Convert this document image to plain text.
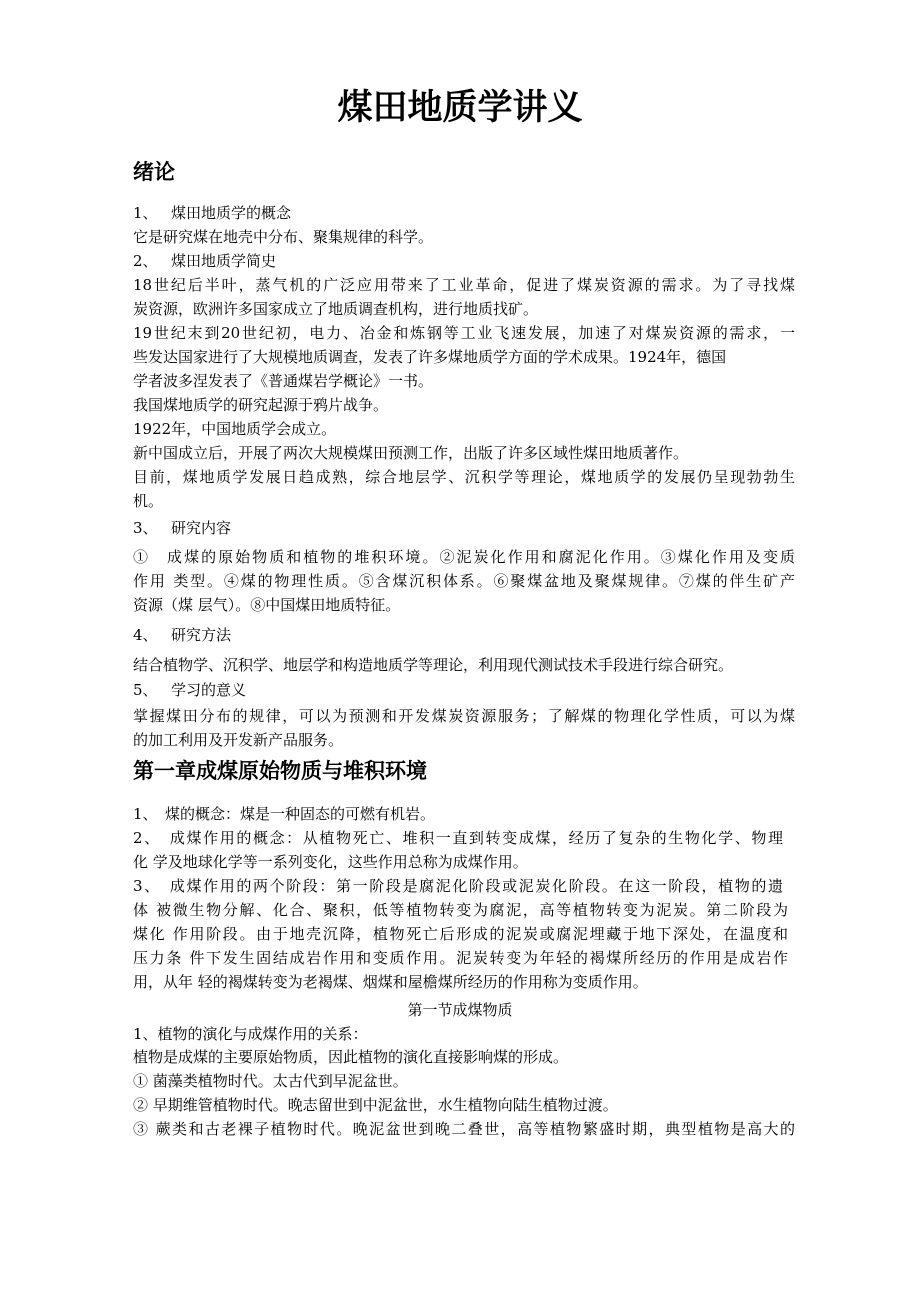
煤田地质学讲义
绪论
1、 煤田地质学的概念
它是研究煤在地壳中分布、聚集规律的科学。
2、 煤田地质学简史
18世纪后半叶，蒸气机的广泛应用带来了工业革命，促进了煤炭资源的需求。为了寻找煤
炭资源，欧洲许多国家成立了地质调查机构，进行地质找矿。
19世纪末到20世纪初，电力、冶金和炼钢等工业飞速发展，加速了对煤炭资源的需求，一
些发达国家进行了大规模地质调查，发表了许多煤地质学方面的学术成果。1924年，德国
学者波多涅发表了《普通煤岩学概论》一书。
我国煤地质学的研究起源于鸦片战争。
1922年，中国地质学会成立。
新中国成立后，开展了两次大规模煤田预测工作，出版了许多区域性煤田地质著作。
目前，煤地质学发展日趋成熟，综合地层学、沉积学等理论，煤地质学的发展仍呈现勃勃生
机。
3、 研究内容
①　成煤的原始物质和植物的堆积环境。②泥炭化作用和腐泥化作用。③煤化作用及变质
作用 类型。④煤的物理性质。⑤含煤沉积体系。⑥聚煤盆地及聚煤规律。⑦煤的伴生矿产
资源（煤 层气）。⑧中国煤田地质特征。
4、 研究方法
结合植物学、沉积学、地层学和构造地质学等理论，利用现代测试技术手段进行综合研究。
5、 学习的意义
掌握煤田分布的规律，可以为预测和开发煤炭资源服务；了解煤的物理化学性质，可以为煤
的加工利用及开发新产品服务。
第一章成煤原始物质与堆积环境
1、　煤的概念：煤是一种固态的可燃有机岩。
2、　成煤作用的概念：从植物死亡、堆积一直到转变成煤，经历了复杂的生物化学、物理
化 学及地球化学等一系列变化，这些作用总称为成煤作用。
3、　成煤作用的两个阶段：第一阶段是腐泥化阶段或泥炭化阶段。在这一阶段，植物的遗
体 被微生物分解、化合、聚积，低等植物转变为腐泥，高等植物转变为泥炭。第二阶段为
煤化 作用阶段。由于地壳沉降，植物死亡后形成的泥炭或腐泥埋藏于地下深处，在温度和
压力条 件下发生固结成岩作用和变质作用。泥炭转变为年轻的褐煤所经历的作用是成岩作
用，从年 轻的褐煤转变为老褐煤、烟煤和屋檐煤所经历的作用称为变质作用。
第一节成煤物质
1、植物的演化与成煤作用的关系：
植物是成煤的主要原始物质，因此植物的演化直接影响煤的形成。
① 菌藻类植物时代。太古代到早泥盆世。
② 早期维管植物时代。晚志留世到中泥盆世，水生植物向陆生植物过渡。
③ 蕨类和古老裸子植物时代。晚泥盆世到晚二叠世，高等植物繁盛时期，典型植物是高大的
